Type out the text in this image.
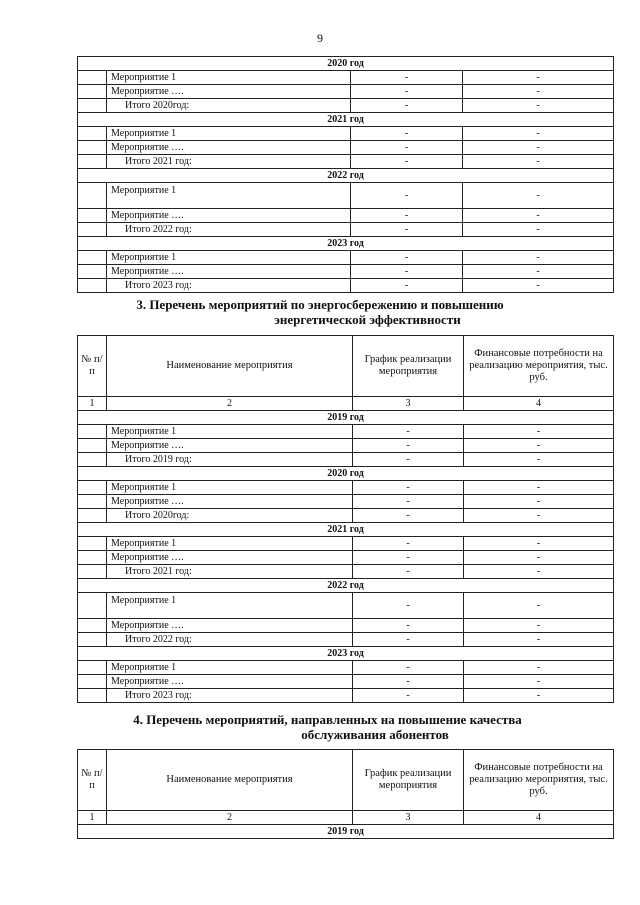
9
2020 год			
	Мероприятие 1	-	-
	Мероприятие ….	-	-
	Итого 2020год:	-	-
2021 год			
	Мероприятие 1	-	-
	Мероприятие ….	-	-
	Итого 2021 год:	-	-
2022 год			
	Мероприятие 1	-	-
	Мероприятие ….	-	-
	Итого 2022 год:	-	-
2023 год			
	Мероприятие 1	-	-
	Мероприятие ….	-	-
	Итого 2023 год:	-	-
3. Перечень мероприятий по энергосбережению и повышению
энергетической эффективности
№ п/п	Наименование мероприятия	График реализации мероприятия	Финансовые потребности на реализацию мероприятия, тыс. руб.
1	2	3	4
2019 год			
	Мероприятие 1	-	-
	Мероприятие ….	-	-
	Итого 2019 год:	-	-
2020 год			
	Мероприятие 1	-	-
	Мероприятие ….	-	-
	Итого 2020год:	-	-
2021 год			
	Мероприятие 1	-	-
	Мероприятие ….	-	-
	Итого 2021 год:	-	-
2022 год			
	Мероприятие 1	-	-
	Мероприятие ….	-	-
	Итого 2022 год:	-	-
2023 год			
	Мероприятие 1	-	-
	Мероприятие ….	-	-
	Итого 2023 год:	-	-
4. Перечень мероприятий, направленных на повышение качества
обслуживания абонентов
№ п/п	Наименование мероприятия	График реализации мероприятия	Финансовые потребности на реализацию мероприятия, тыс. руб.
1	2	3	4
2019 год			
